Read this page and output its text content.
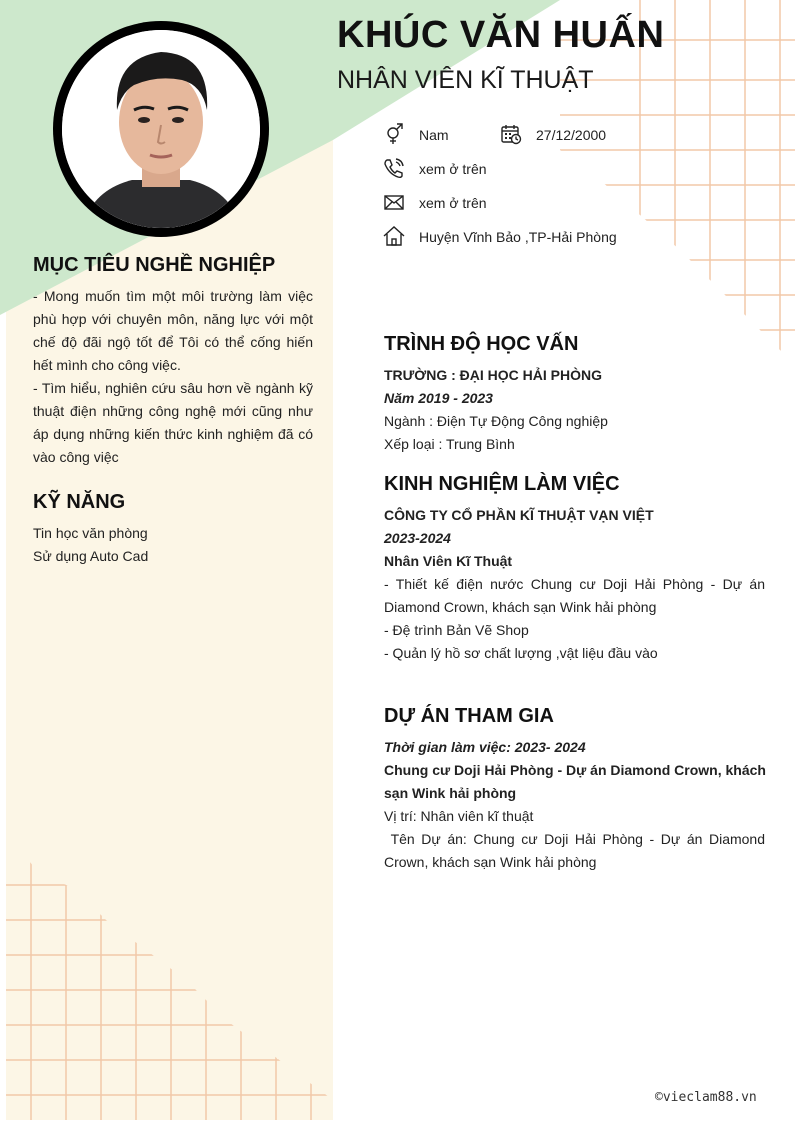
KHÚC VĂN HUẤN
NHÂN VIÊN KĨ THUẬT
Nam	27/12/2000
xem ở trên
xem ở trên
Huyện Vĩnh Bảo ,TP-Hải Phòng
MỤC TIÊU NGHỀ NGHIỆP
- Mong muốn tìm một môi trường làm việc phù hợp với chuyên môn, năng lực với một chế độ đãi ngộ tốt để Tôi có thể cống hiến hết mình cho công việc.
- Tìm hiểu, nghiên cứu sâu hơn về ngành kỹ thuật điện những công nghệ mới cũng như áp dụng những kiến thức kinh nghiệm đã có vào công việc
KỸ NĂNG
Tin học văn phòng
Sử dụng Auto Cad
TRÌNH ĐỘ HỌC VẤN
TRƯỜNG : ĐẠI HỌC HẢI PHÒNG
Năm 2019 - 2023
Ngành : Điện Tự Động Công nghiệp
Xếp loại : Trung Bình
KINH NGHIỆM LÀM VIỆC
CÔNG TY CỔ PHẦN KĨ THUẬT VẠN VIỆT
2023-2024
Nhân Viên Kĩ Thuật
- Thiết kế điện nước Chung cư Doji Hải Phòng - Dự án Diamond Crown, khách sạn Wink hải phòng
- Đệ trình Bản Vẽ Shop
- Quản lý hồ sơ chất lượng ,vật liệu đầu vào
DỰ ÁN THAM GIA
Thời gian làm việc: 2023- 2024
Chung cư Doji Hải Phòng - Dự án Diamond Crown, khách sạn Wink hải phòng
Vị trí: Nhân viên kĩ thuật
Tên Dự án: Chung cư Doji Hải Phòng - Dự án Diamond Crown, khách sạn Wink hải phòng
©vieclam88.vn
